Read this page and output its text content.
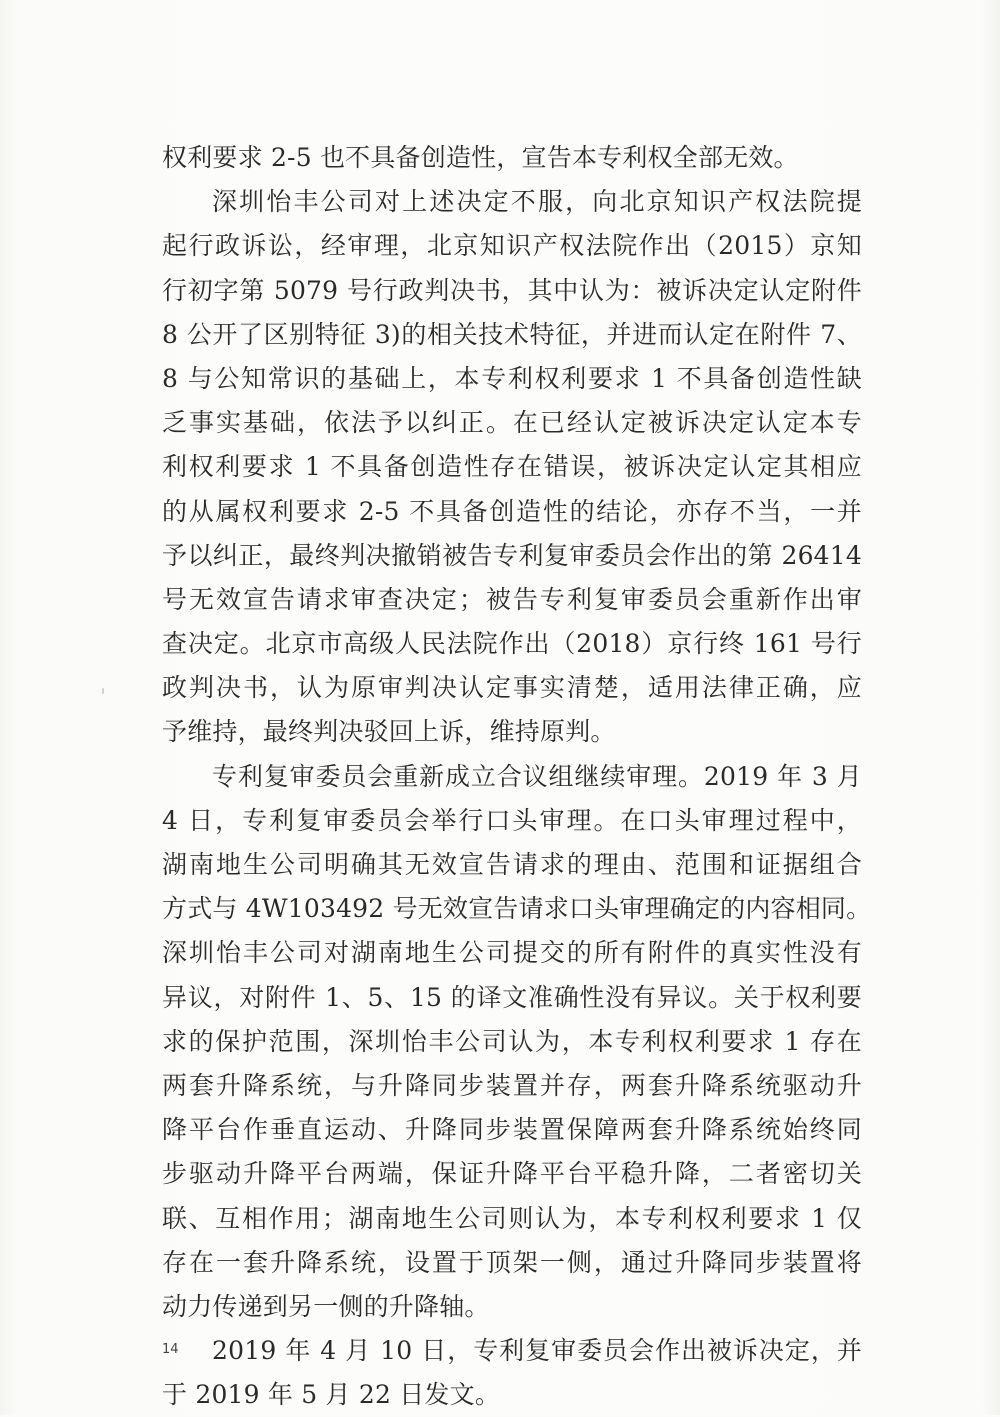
权利要求 2-5 也不具备创造性，宣告本专利权全部无效。
深圳怡丰公司对上述决定不服，向北京知识产权法院提
起行政诉讼，经审理，北京知识产权法院作出（2015）京知
行初字第 5079 号行政判决书，其中认为：被诉决定认定附件
8 公开了区别特征 3)的相关技术特征，并进而认定在附件 7、
8 与公知常识的基础上，本专利权利要求 1 不具备创造性缺
乏事实基础，依法予以纠正。在已经认定被诉决定认定本专
利权利要求 1 不具备创造性存在错误，被诉决定认定其相应
的从属权利要求 2-5 不具备创造性的结论，亦存不当，一并
予以纠正，最终判决撤销被告专利复审委员会作出的第 26414
号无效宣告请求审查决定；被告专利复审委员会重新作出审
查决定。北京市高级人民法院作出（2018）京行终 161 号行
政判决书，认为原审判决认定事实清楚，适用法律正确，应
予维持，最终判决驳回上诉，维持原判。
专利复审委员会重新成立合议组继续审理。2019 年 3 月
4 日，专利复审委员会举行口头审理。在口头审理过程中，
湖南地生公司明确其无效宣告请求的理由、范围和证据组合
方式与 4W103492 号无效宣告请求口头审理确定的内容相同。
深圳怡丰公司对湖南地生公司提交的所有附件的真实性没有
异议，对附件 1、5、15 的译文准确性没有异议。关于权利要
求的保护范围，深圳怡丰公司认为，本专利权利要求 1 存在
两套升降系统，与升降同步装置并存，两套升降系统驱动升
降平台作垂直运动、升降同步装置保障两套升降系统始终同
步驱动升降平台两端，保证升降平台平稳升降，二者密切关
联、互相作用；湖南地生公司则认为，本专利权利要求 1 仅
存在一套升降系统，设置于顶架一侧，通过升降同步装置将
动力传递到另一侧的升降轴。
2019 年 4 月 10 日，专利复审委员会作出被诉决定，并
于 2019 年 5 月 22 日发文。
14
